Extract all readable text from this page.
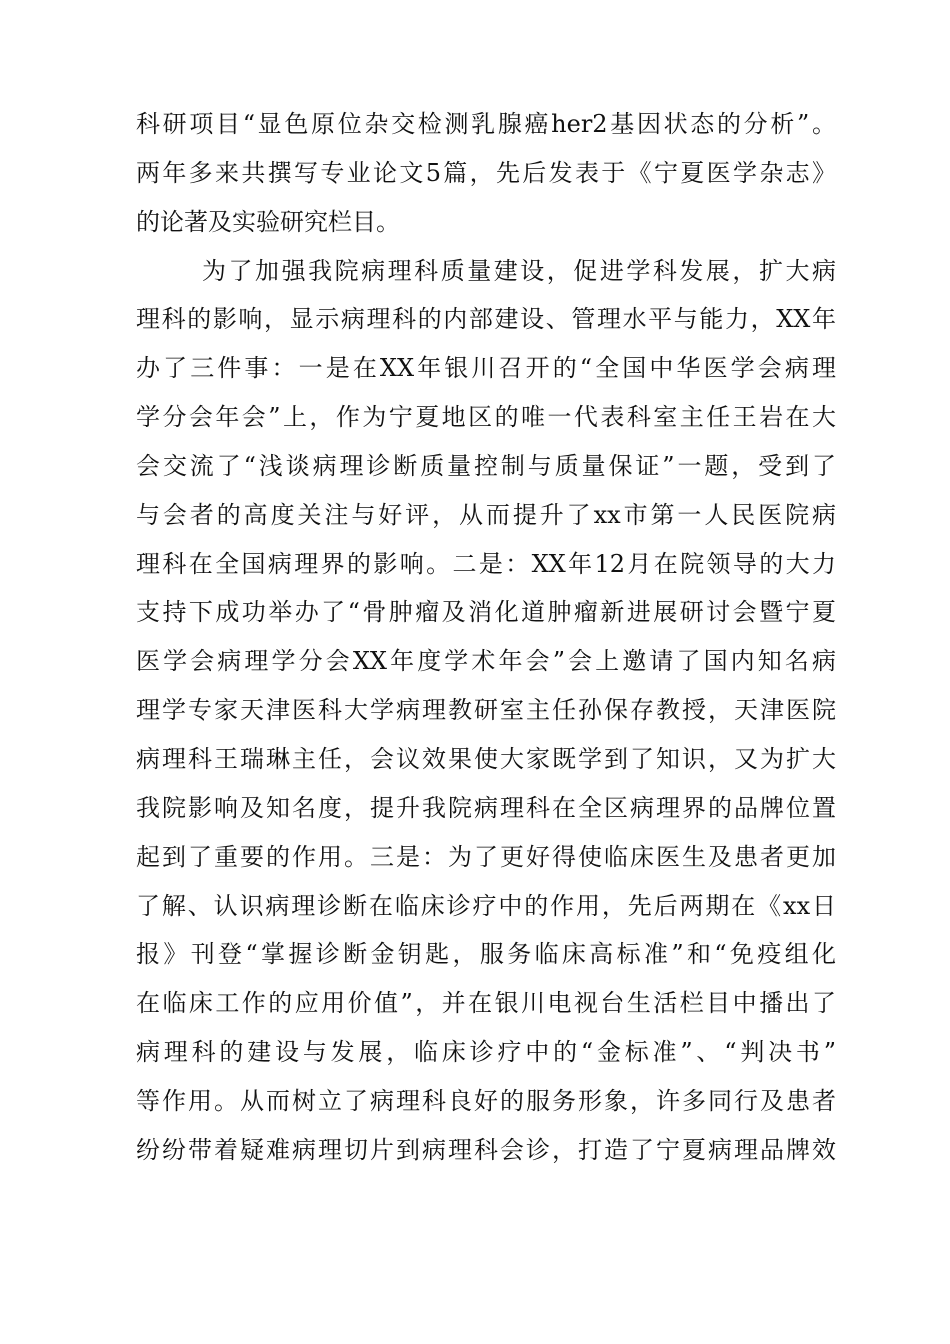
科研项目“显色原位杂交检测乳腺癌her2基因状态的分析”。
两年多来共撰写专业论文5篇，先后发表于《宁夏医学杂志》
的论著及实验研究栏目。
为了加强我院病理科质量建设，促进学科发展，扩大病
理科的影响，显示病理科的内部建设、管理水平与能力，XX年
办了三件事：一是在XX年银川召开的“全国中华医学会病理
学分会年会”上，作为宁夏地区的唯一代表科室主任王岩在大
会交流了“浅谈病理诊断质量控制与质量保证”一题，受到了
与会者的高度关注与好评，从而提升了xx市第一人民医院病
理科在全国病理界的影响。二是：XX年12月在院领导的大力
支持下成功举办了“骨肿瘤及消化道肿瘤新进展研讨会暨宁夏
医学会病理学分会XX年度学术年会”会上邀请了国内知名病
理学专家天津医科大学病理教研室主任孙保存教授，天津医院
病理科王瑞琳主任，会议效果使大家既学到了知识，又为扩大
我院影响及知名度，提升我院病理科在全区病理界的品牌位置
起到了重要的作用。三是：为了更好得使临床医生及患者更加
了解、认识病理诊断在临床诊疗中的作用，先后两期在《xx日
报》刊登“掌握诊断金钥匙，服务临床高标准”和“免疫组化
在临床工作的应用价值”，并在银川电视台生活栏目中播出了
病理科的建设与发展，临床诊疗中的“金标准”、“判决书”
等作用。从而树立了病理科良好的服务形象，许多同行及患者
纷纷带着疑难病理切片到病理科会诊，打造了宁夏病理品牌效
